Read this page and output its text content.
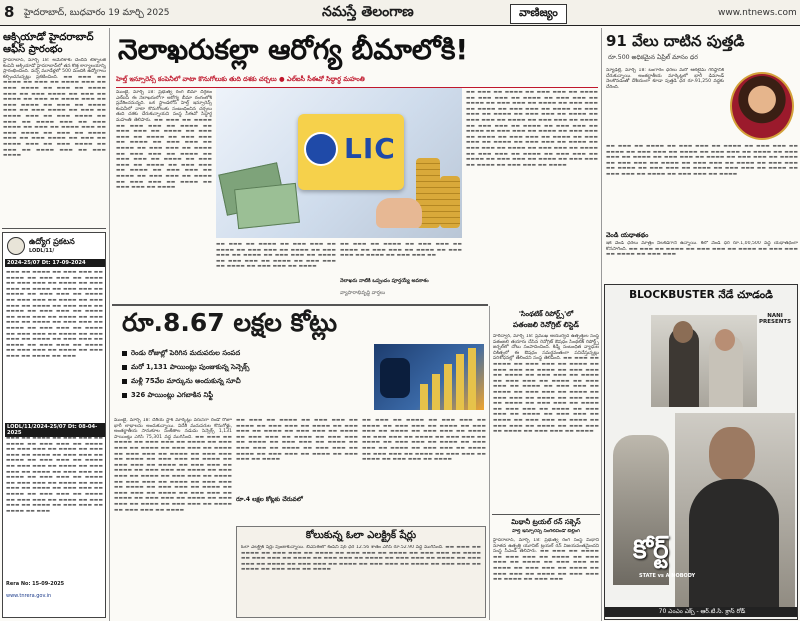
8 హైదరాబాద్, బుధవారం 19 మార్చి 2025	నమస్తే తెలంగాణ	వాణిజ్యం	www.ntnews.com
ఆక్సియాడో హైదరాబాద్ ఆఫీస్ ప్రారంభం
హైదరాబాద్, మార్చి 18: అమెరికాకు చెందిన టెక్నాలజీ కంపెనీ ఆక్సియాడో హైదరాబాద్‌లో తన కొత్త కార్యాలయాన్ని ప్రారంభించింది. వచ్చే మూడేళ్లలో 500 మందికి ఉద్యోగాలు కల్పించనున్నట్లు ప్రకటించింది. ▬▬ ▬▬▬ ▬▬ ▬▬▬▬ ▬▬ ▬▬▬ ▬▬ ▬▬▬▬ ▬▬▬ ▬▬ ▬▬▬ ▬▬▬▬ ▬▬ ▬▬▬ ▬▬ ▬▬▬▬ ▬▬▬ ▬▬ ▬▬▬ ▬▬▬▬ ▬▬ ▬▬▬ ▬▬ ▬▬▬▬ ▬▬ ▬▬▬ ▬▬ ▬▬▬▬ ▬▬▬ ▬▬ ▬▬▬ ▬▬▬▬ ▬▬ ▬▬▬ ▬▬ ▬▬▬▬ ▬▬▬ ▬▬ ▬▬▬ ▬▬▬▬ ▬▬ ▬▬▬ ▬▬ ▬▬▬▬ ▬▬▬ ▬▬ ▬▬▬ ▬▬▬▬ ▬▬ ▬▬▬ ▬▬ ▬▬▬▬ ▬▬▬ ▬▬ ▬▬▬ ▬▬▬▬ ▬▬ ▬▬▬ ▬▬ ▬▬▬▬ ▬▬▬ ▬▬ ▬▬▬ ▬▬▬▬ ▬▬ ▬▬▬ ▬▬ ▬▬▬▬ ▬▬▬ ▬▬ ▬▬▬ ▬▬▬▬ ▬▬ ▬▬▬ ▬▬ ▬▬▬▬ ▬▬▬ ▬▬ ▬▬▬ ▬▬▬▬ ▬▬ ▬▬▬ ▬▬ ▬▬▬▬ ▬▬▬ ▬▬ ▬▬▬ ▬▬▬▬
ఉద్యోగ ప్రకటన
LODL/11/
2024-25/07 Dt: 17-09-2024
▬▬▬ ▬▬ ▬▬▬▬ ▬▬ ▬▬▬ ▬▬▬ ▬▬ ▬▬▬▬ ▬▬ ▬▬▬ ▬▬▬ ▬▬ ▬▬▬▬ ▬▬ ▬▬▬ ▬▬▬ ▬▬ ▬▬▬▬ ▬▬ ▬▬▬ ▬▬▬ ▬▬ ▬▬▬▬ ▬▬ ▬▬▬ ▬▬▬ ▬▬ ▬▬▬▬ ▬▬ ▬▬▬ ▬▬▬ ▬▬ ▬▬▬▬ ▬▬ ▬▬▬ ▬▬▬ ▬▬ ▬▬▬▬ ▬▬ ▬▬▬ ▬▬▬ ▬▬ ▬▬▬▬ ▬▬ ▬▬▬ ▬▬▬ ▬▬ ▬▬▬▬ ▬▬ ▬▬▬ ▬▬▬ ▬▬ ▬▬▬▬ ▬▬ ▬▬▬ ▬▬▬ ▬▬ ▬▬▬▬ ▬▬ ▬▬▬ ▬▬▬ ▬▬ ▬▬▬▬ ▬▬ ▬▬▬ ▬▬▬ ▬▬ ▬▬▬▬ ▬▬ ▬▬▬ ▬▬▬ ▬▬ ▬▬▬▬ ▬▬ ▬▬▬ ▬▬▬ ▬▬ ▬▬▬▬ ▬▬ ▬▬▬ ▬▬▬ ▬▬ ▬▬▬▬ ▬▬ ▬▬▬ ▬▬▬ ▬▬ ▬▬▬▬ ▬▬ ▬▬▬ ▬▬▬ ▬▬ ▬▬▬▬ ▬▬ ▬▬▬ ▬▬▬ ▬▬ ▬▬▬▬ ▬▬ ▬▬▬ ▬▬▬ ▬▬ ▬▬▬▬ ▬▬ ▬▬▬
LODL/11/2024-25/07 Dt: 08-04-2025
▬▬▬ ▬▬ ▬▬▬▬ ▬▬ ▬▬▬ ▬▬▬ ▬▬ ▬▬▬▬ ▬▬ ▬▬▬ ▬▬▬ ▬▬ ▬▬▬▬ ▬▬ ▬▬▬ ▬▬▬ ▬▬ ▬▬▬▬ ▬▬ ▬▬▬ ▬▬▬ ▬▬ ▬▬▬▬ ▬▬ ▬▬▬ ▬▬▬ ▬▬ ▬▬▬▬ ▬▬ ▬▬▬ ▬▬▬ ▬▬ ▬▬▬▬ ▬▬ ▬▬▬ ▬▬▬ ▬▬ ▬▬▬▬ ▬▬ ▬▬▬ ▬▬▬ ▬▬ ▬▬▬▬ ▬▬ ▬▬▬ ▬▬▬ ▬▬ ▬▬▬▬ ▬▬ ▬▬▬ ▬▬▬ ▬▬ ▬▬▬▬ ▬▬ ▬▬▬ ▬▬▬ ▬▬ ▬▬▬▬ ▬▬ ▬▬▬ ▬▬▬ ▬▬ ▬▬▬▬ ▬▬ ▬▬▬ ▬▬▬ ▬▬ ▬▬▬▬ ▬▬ ▬▬▬ ▬▬▬ ▬▬ ▬▬▬▬ ▬▬ ▬▬▬ ▬▬▬ ▬▬ ▬▬▬▬ ▬▬ ▬▬▬ ▬▬▬ ▬▬ ▬▬▬▬ ▬▬ ▬▬▬ ▬▬▬ ▬▬ ▬▬▬▬ ▬▬ ▬▬▬
Rera No: 15-09-2025
www.tnrera.gov.in
నెలాఖరుకల్లా ఆరోగ్య బీమాలోకి!
హెల్త్ ఇన్సూరెన్స్ కంపెనీలో వాటా కొనుగోలుకు తుది దశకు చర్చలు ● ఎల్ఐసీ సీఈవో సిద్ధార్థ మహంతి
ముంబై, మార్చి 18: ప్రభుత్వ రంగ బీమా దిగ్గజం ఎల్ఐసీ ఈ నెలాఖరులోగా ఆరోగ్య బీమా రంగంలోకి ప్రవేశించనున్నది. ఒక స్టాండలోన్ హెల్త్ ఇన్సూరెన్స్ కంపెనీలో వాటా కొనుగోలుకు సంబంధించిన చర్చలు తుది దశకు చేరుకున్నాయని సంస్థ సీఈవో సిద్ధార్థ మహంతి తెలిపారు. ▬▬ ▬▬▬ ▬▬ ▬▬▬▬ ▬▬ ▬▬▬ ▬▬▬ ▬▬ ▬▬▬▬ ▬▬ ▬▬▬ ▬▬▬ ▬▬ ▬▬▬▬ ▬▬ ▬▬▬ ▬▬▬ ▬▬ ▬▬▬▬ ▬▬ ▬▬▬ ▬▬▬ ▬▬ ▬▬▬▬ ▬▬ ▬▬▬ ▬▬▬ ▬▬ ▬▬▬▬ ▬▬ ▬▬▬ ▬▬▬ ▬▬ ▬▬▬▬ ▬▬ ▬▬▬ ▬▬▬ ▬▬ ▬▬▬▬ ▬▬ ▬▬▬ ▬▬▬ ▬▬ ▬▬▬▬ ▬▬ ▬▬▬ ▬▬▬ ▬▬ ▬▬▬▬ ▬▬ ▬▬▬ ▬▬▬ ▬▬ ▬▬▬▬ ▬▬ ▬▬▬ ▬▬▬ ▬▬ ▬▬▬▬ ▬▬ ▬▬▬ ▬▬▬ ▬▬ ▬▬▬▬ ▬▬ ▬▬▬ ▬▬▬ ▬▬ ▬▬▬▬ ▬▬ ▬▬▬ ▬▬▬ ▬▬ ▬▬▬▬
LIC
▬▬ ▬▬▬ ▬▬ ▬▬▬▬ ▬▬ ▬▬▬ ▬▬▬ ▬▬ ▬▬▬▬ ▬▬ ▬▬▬ ▬▬▬ ▬▬ ▬▬▬▬ ▬▬ ▬▬▬ ▬▬▬ ▬▬ ▬▬▬▬ ▬▬ ▬▬▬ ▬▬▬ ▬▬ ▬▬▬▬ ▬▬ ▬▬▬ ▬▬▬ ▬▬ ▬▬▬▬ ▬▬ ▬▬▬ ▬▬▬ ▬▬ ▬▬▬▬ ▬▬ ▬▬▬ ▬▬▬ ▬▬ ▬▬▬▬
▬▬ ▬▬▬ ▬▬ ▬▬▬▬ ▬▬ ▬▬▬ ▬▬▬ ▬▬ ▬▬▬▬ ▬▬ ▬▬▬ ▬▬▬ ▬▬ ▬▬▬▬ ▬▬ ▬▬▬ ▬▬▬ ▬▬ ▬▬▬▬ ▬▬ ▬▬▬ ▬▬▬ ▬▬
నెలాఖరు నాటికి ఒప్పందం పూర్తయ్యే అవకాశం
వ్యాపారాభివృద్ధి వార్తలు
▬▬ ▬▬▬ ▬▬ ▬▬▬▬ ▬▬ ▬▬▬ ▬▬▬ ▬▬ ▬▬▬▬ ▬▬ ▬▬▬ ▬▬▬ ▬▬ ▬▬▬▬ ▬▬ ▬▬▬ ▬▬▬ ▬▬ ▬▬▬▬ ▬▬ ▬▬▬ ▬▬▬ ▬▬ ▬▬▬▬ ▬▬ ▬▬▬ ▬▬▬ ▬▬ ▬▬▬▬ ▬▬ ▬▬▬ ▬▬▬ ▬▬ ▬▬▬▬ ▬▬ ▬▬▬ ▬▬▬ ▬▬ ▬▬▬▬ ▬▬ ▬▬▬ ▬▬▬ ▬▬ ▬▬▬▬ ▬▬ ▬▬▬ ▬▬▬ ▬▬ ▬▬▬▬ ▬▬ ▬▬▬ ▬▬▬ ▬▬ ▬▬▬▬ ▬▬ ▬▬▬ ▬▬▬ ▬▬ ▬▬▬▬ ▬▬ ▬▬▬ ▬▬▬ ▬▬ ▬▬▬▬ ▬▬ ▬▬▬ ▬▬▬ ▬▬ ▬▬▬▬ ▬▬ ▬▬▬ ▬▬▬ ▬▬ ▬▬▬▬ ▬▬ ▬▬▬ ▬▬▬ ▬▬ ▬▬▬▬ ▬▬ ▬▬▬ ▬▬▬ ▬▬ ▬▬▬▬ ▬▬ ▬▬▬ ▬▬▬ ▬▬ ▬▬▬▬ ▬▬ ▬▬▬ ▬▬▬ ▬▬ ▬▬▬▬ ▬▬ ▬▬▬ ▬▬▬ ▬▬ ▬▬▬▬ ▬▬ ▬▬▬ ▬▬▬ ▬▬ ▬▬▬▬ ▬▬ ▬▬▬ ▬▬▬ ▬▬ ▬▬▬▬ ▬▬ ▬▬▬ ▬▬▬ ▬▬ ▬▬▬▬ ▬▬ ▬▬▬ ▬▬▬ ▬▬ ▬▬▬▬ ▬▬ ▬▬▬ ▬▬▬ ▬▬ ▬▬▬▬
91 వేలు దాటిన పుత్తడి
రూ.500 అధికమైన ఏప్రిల్ మాసం ధర
న్యూఢిల్లీ, మార్చి 18: బంగారం ధరలు మరో ఆల్‌టైమ్ గరిష్ఠానికి చేరుకున్నాయి. అంతర్జాతీయ మార్కెట్లలో భారీ డిమాండ్ నెలకొనడంతో దేశీయంగా కూడా పుత్తడి ధర రూ.91,250 వద్దకు చేరింది.
▬▬ ▬▬▬ ▬▬ ▬▬▬▬ ▬▬ ▬▬▬ ▬▬▬ ▬▬ ▬▬▬▬ ▬▬ ▬▬▬ ▬▬▬ ▬▬ ▬▬▬▬ ▬▬ ▬▬▬ ▬▬▬ ▬▬ ▬▬▬▬ ▬▬ ▬▬▬ ▬▬▬ ▬▬ ▬▬▬▬ ▬▬ ▬▬▬ ▬▬▬ ▬▬ ▬▬▬▬ ▬▬ ▬▬▬ ▬▬▬ ▬▬ ▬▬▬▬ ▬▬ ▬▬▬ ▬▬▬ ▬▬ ▬▬▬▬ ▬▬ ▬▬▬ ▬▬▬ ▬▬ ▬▬▬▬ ▬▬ ▬▬▬ ▬▬▬ ▬▬ ▬▬▬▬ ▬▬ ▬▬▬ ▬▬▬ ▬▬ ▬▬▬▬ ▬▬ ▬▬▬ ▬▬▬ ▬▬ ▬▬▬▬ ▬▬ ▬▬▬ ▬▬▬ ▬▬ ▬▬▬▬ ▬▬ ▬▬▬ ▬▬▬ ▬▬ ▬▬▬▬ ▬▬ ▬▬▬ ▬▬▬ ▬▬ ▬▬▬▬
వెండి యధాతథం
ఇక వెండి ధరలు మాత్రం నిలకడగానే ఉన్నాయి. కిలో వెండి ధర రూ.1,00,500 వద్ద యథాతథంగా కొనసాగింది. ▬▬ ▬▬▬ ▬▬ ▬▬▬▬ ▬▬ ▬▬▬ ▬▬▬ ▬▬ ▬▬▬▬ ▬▬ ▬▬▬ ▬▬▬ ▬▬ ▬▬▬▬ ▬▬ ▬▬▬ ▬▬▬
BLOCKBUSTER నేడే చూడండి
NANI PRESENTS
కోర్ట్
STATE vs A NOBODY
70 ఎంఎం ఎక్స్ - ఆర్.టి.సి. క్రాస్ రోడ్
రూ.8.67 లక్షల కోట్లు
రెండు రోజుల్లో పెరిగిన మదుపరుల సంపద
మరో 1,131 పాయింట్లు పుంజుకున్న సెన్సెక్స్
మళ్లీ 75వేల మార్కును అందుకున్న సూచీ
326 పాయింట్లు ఎగబాకిన నిఫ్టీ
ముంబై, మార్చి 18: దేశీయ స్టాక్ మార్కెట్లు వరుసగా రెండో రోజూ భారీ లాభాలను అందుకున్నాయి. విదేశీ మదుపరుల కొనుగోళ్లు, అంతర్జాతీయ సానుకూల సంకేతాల నడుమ సెన్సెక్స్ 1,131 పాయింట్లు ఎగిసి 75,301 వద్ద ముగిసింది. ▬▬ ▬▬▬ ▬▬ ▬▬▬▬ ▬▬ ▬▬▬ ▬▬▬ ▬▬ ▬▬▬▬ ▬▬ ▬▬▬ ▬▬▬ ▬▬ ▬▬▬▬ ▬▬ ▬▬▬ ▬▬▬ ▬▬ ▬▬▬▬ ▬▬ ▬▬▬ ▬▬▬ ▬▬ ▬▬▬▬ ▬▬ ▬▬▬ ▬▬▬ ▬▬ ▬▬▬▬ ▬▬ ▬▬▬ ▬▬▬ ▬▬ ▬▬▬▬ ▬▬ ▬▬▬ ▬▬▬ ▬▬ ▬▬▬▬ ▬▬ ▬▬▬ ▬▬▬ ▬▬ ▬▬▬▬ ▬▬ ▬▬▬ ▬▬▬ ▬▬ ▬▬▬▬ ▬▬ ▬▬▬ ▬▬▬ ▬▬ ▬▬▬▬ ▬▬ ▬▬▬ ▬▬▬ ▬▬ ▬▬▬▬ ▬▬ ▬▬▬ ▬▬▬ ▬▬ ▬▬▬▬ ▬▬ ▬▬▬ ▬▬▬ ▬▬ ▬▬▬▬ ▬▬ ▬▬▬ ▬▬▬ ▬▬ ▬▬▬▬ ▬▬ ▬▬▬ ▬▬▬ ▬▬ ▬▬▬▬ ▬▬ ▬▬▬ ▬▬▬ ▬▬ ▬▬▬▬ ▬▬ ▬▬▬ ▬▬▬ ▬▬ ▬▬▬▬ ▬▬ ▬▬▬ ▬▬▬ ▬▬ ▬▬▬▬ ▬▬ ▬▬▬ ▬▬▬ ▬▬ ▬▬▬▬ ▬▬ ▬▬▬ ▬▬▬ ▬▬ ▬▬▬▬
▬▬ ▬▬▬ ▬▬ ▬▬▬▬ ▬▬ ▬▬▬ ▬▬▬ ▬▬ ▬▬▬▬ ▬▬ ▬▬▬ ▬▬▬ ▬▬ ▬▬▬▬ ▬▬ ▬▬▬ ▬▬▬ ▬▬ ▬▬▬▬ ▬▬ ▬▬▬ ▬▬▬ ▬▬ ▬▬▬▬ ▬▬ ▬▬▬ ▬▬▬ ▬▬ ▬▬▬▬ ▬▬ ▬▬▬ ▬▬▬ ▬▬ ▬▬▬▬ ▬▬ ▬▬▬ ▬▬▬ ▬▬ ▬▬▬▬ ▬▬ ▬▬▬ ▬▬▬ ▬▬ ▬▬▬▬ ▬▬ ▬▬▬ ▬▬▬ ▬▬ ▬▬▬▬ ▬▬ ▬▬▬ ▬▬▬ ▬▬ ▬▬▬▬ ▬▬ ▬▬▬ ▬▬▬ ▬▬ ▬▬▬▬
రూ.4 లక్షల కోట్లకు చేరువలో
▬▬ ▬▬▬ ▬▬ ▬▬▬▬ ▬▬ ▬▬▬ ▬▬▬ ▬▬ ▬▬▬▬ ▬▬ ▬▬▬ ▬▬▬ ▬▬ ▬▬▬▬ ▬▬ ▬▬▬ ▬▬▬ ▬▬ ▬▬▬▬ ▬▬ ▬▬▬ ▬▬▬ ▬▬ ▬▬▬▬ ▬▬ ▬▬▬ ▬▬▬ ▬▬ ▬▬▬▬ ▬▬ ▬▬▬ ▬▬▬ ▬▬ ▬▬▬▬ ▬▬ ▬▬▬ ▬▬▬ ▬▬ ▬▬▬▬ ▬▬ ▬▬▬ ▬▬▬ ▬▬ ▬▬▬▬ ▬▬ ▬▬▬ ▬▬▬ ▬▬ ▬▬▬▬ ▬▬ ▬▬▬ ▬▬▬ ▬▬ ▬▬▬▬ ▬▬ ▬▬▬ ▬▬▬ ▬▬ ▬▬▬▬ ▬▬ ▬▬▬ ▬▬▬ ▬▬ ▬▬▬▬
కోలుకున్న ఓలా ఎలక్ట్రిక్ షేర్లు
ఓలా ఎలక్ట్రిక్ షేర్లు పుంజుకున్నాయి. బీఎస్ఈలో కంపెనీ షేర్ ధర 12.56 శాతం ఎగిసి రూ.52.90 వద్ద ముగిసింది. ▬▬ ▬▬▬ ▬▬ ▬▬▬▬ ▬▬ ▬▬▬ ▬▬▬ ▬▬ ▬▬▬▬ ▬▬ ▬▬▬ ▬▬▬ ▬▬ ▬▬▬▬ ▬▬ ▬▬▬ ▬▬▬ ▬▬ ▬▬▬▬ ▬▬ ▬▬▬ ▬▬▬ ▬▬ ▬▬▬▬ ▬▬ ▬▬▬ ▬▬▬ ▬▬ ▬▬▬▬ ▬▬ ▬▬▬ ▬▬▬ ▬▬ ▬▬▬▬ ▬▬ ▬▬▬ ▬▬▬ ▬▬ ▬▬▬▬ ▬▬ ▬▬▬ ▬▬▬ ▬▬ ▬▬▬▬ ▬▬ ▬▬▬ ▬▬▬ ▬▬ ▬▬▬▬ ▬▬ ▬▬▬ ▬▬▬ ▬▬ ▬▬▬▬ ▬▬ ▬▬▬ ▬▬▬ ▬▬ ▬▬▬▬
'సింథటిక్ రిపోర్ట్స్'లో
పతంజలి రెనోగ్రిట్ లిస్టెడ్
హరిద్వార్, మార్చి 18: ప్రముఖ ఆయుర్వేద ఉత్పత్తుల సంస్థ పతంజలి తయారు చేసిన రెనోగ్రిట్ ఔషధం సింథటిక్ రిపోర్ట్స్ జర్నల్‌లో చోటు సంపాదించింది. కిడ్నీ సంబంధిత వ్యాధుల చికిత్సలో ఈ ఔషధం సమర్థవంతంగా పనిచేస్తున్నట్లు పరిశోధనల్లో తేలిందని సంస్థ తెలిపింది. ▬▬ ▬▬▬ ▬▬ ▬▬▬▬ ▬▬ ▬▬▬ ▬▬▬ ▬▬ ▬▬▬▬ ▬▬ ▬▬▬ ▬▬▬ ▬▬ ▬▬▬▬ ▬▬ ▬▬▬ ▬▬▬ ▬▬ ▬▬▬▬ ▬▬ ▬▬▬ ▬▬▬ ▬▬ ▬▬▬▬ ▬▬ ▬▬▬ ▬▬▬ ▬▬ ▬▬▬▬ ▬▬ ▬▬▬ ▬▬▬ ▬▬ ▬▬▬▬ ▬▬ ▬▬▬ ▬▬▬ ▬▬ ▬▬▬▬ ▬▬ ▬▬▬ ▬▬▬ ▬▬ ▬▬▬▬ ▬▬ ▬▬▬ ▬▬▬ ▬▬ ▬▬▬▬ ▬▬ ▬▬▬ ▬▬▬ ▬▬ ▬▬▬▬ ▬▬ ▬▬▬ ▬▬▬ ▬▬ ▬▬▬▬ ▬▬ ▬▬▬ ▬▬▬ ▬▬ ▬▬▬▬ ▬▬ ▬▬▬ ▬▬▬ ▬▬ ▬▬▬▬ ▬▬ ▬▬▬ ▬▬▬ ▬▬ ▬▬▬▬ ▬▬ ▬▬▬ ▬▬▬ ▬▬ ▬▬▬▬ ▬▬ ▬▬▬ ▬▬▬ ▬▬ ▬▬▬▬ ▬▬ ▬▬▬ ▬▬▬ ▬▬ ▬▬▬▬ ▬▬ ▬▬▬ ▬▬▬ ▬▬ ▬▬▬▬
మిథానీ ట్రయల్ రన్ సక్సెస్
హెల్త్ ఇన్సూరెన్స్ సింగిల్‌విండో బిల్లింగ్
హైదరాబాద్, మార్చి 18: ప్రభుత్వ రంగ సంస్థ మిథానీ నూతన ఉత్పత్తి యూనిట్ ట్రయల్ రన్ విజయవంతమైందని సంస్థ సీఎండీ తెలిపారు. ▬▬ ▬▬▬ ▬▬ ▬▬▬▬ ▬▬ ▬▬▬ ▬▬▬ ▬▬ ▬▬▬▬ ▬▬ ▬▬▬ ▬▬▬ ▬▬ ▬▬▬▬ ▬▬ ▬▬▬ ▬▬▬ ▬▬ ▬▬▬▬ ▬▬ ▬▬▬ ▬▬▬ ▬▬ ▬▬▬▬ ▬▬ ▬▬▬ ▬▬▬ ▬▬ ▬▬▬▬ ▬▬ ▬▬▬ ▬▬▬ ▬▬ ▬▬▬▬ ▬▬ ▬▬▬ ▬▬▬
